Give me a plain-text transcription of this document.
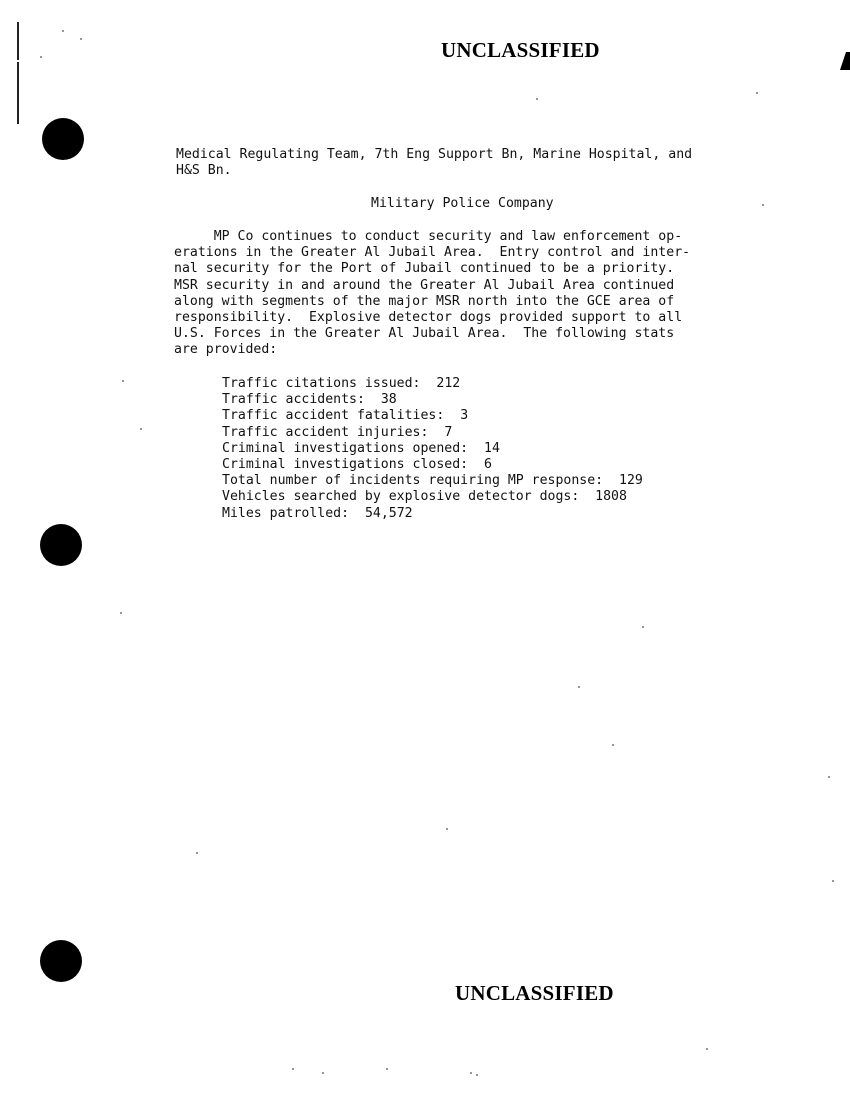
UNCLASSIFIED
Medical Regulating Team, 7th Eng Support Bn, Marine Hospital, and
H&S Bn.
Military Police Company
MP Co continues to conduct security and law enforcement op-
erations in the Greater Al Jubail Area.  Entry control and inter-
nal security for the Port of Jubail continued to be a priority.
MSR security in and around the Greater Al Jubail Area continued
along with segments of the major MSR north into the GCE area of
responsibility.  Explosive detector dogs provided support to all
U.S. Forces in the Greater Al Jubail Area.  The following stats
are provided:
Traffic citations issued: 212
Traffic accidents: 38
Traffic accident fatalities: 3
Traffic accident injuries: 7
Criminal investigations opened: 14
Criminal investigations closed: 6
Total number of incidents requiring MP response: 129
Vehicles searched by explosive detector dogs: 1808
Miles patrolled: 54,572
UNCLASSIFIED
